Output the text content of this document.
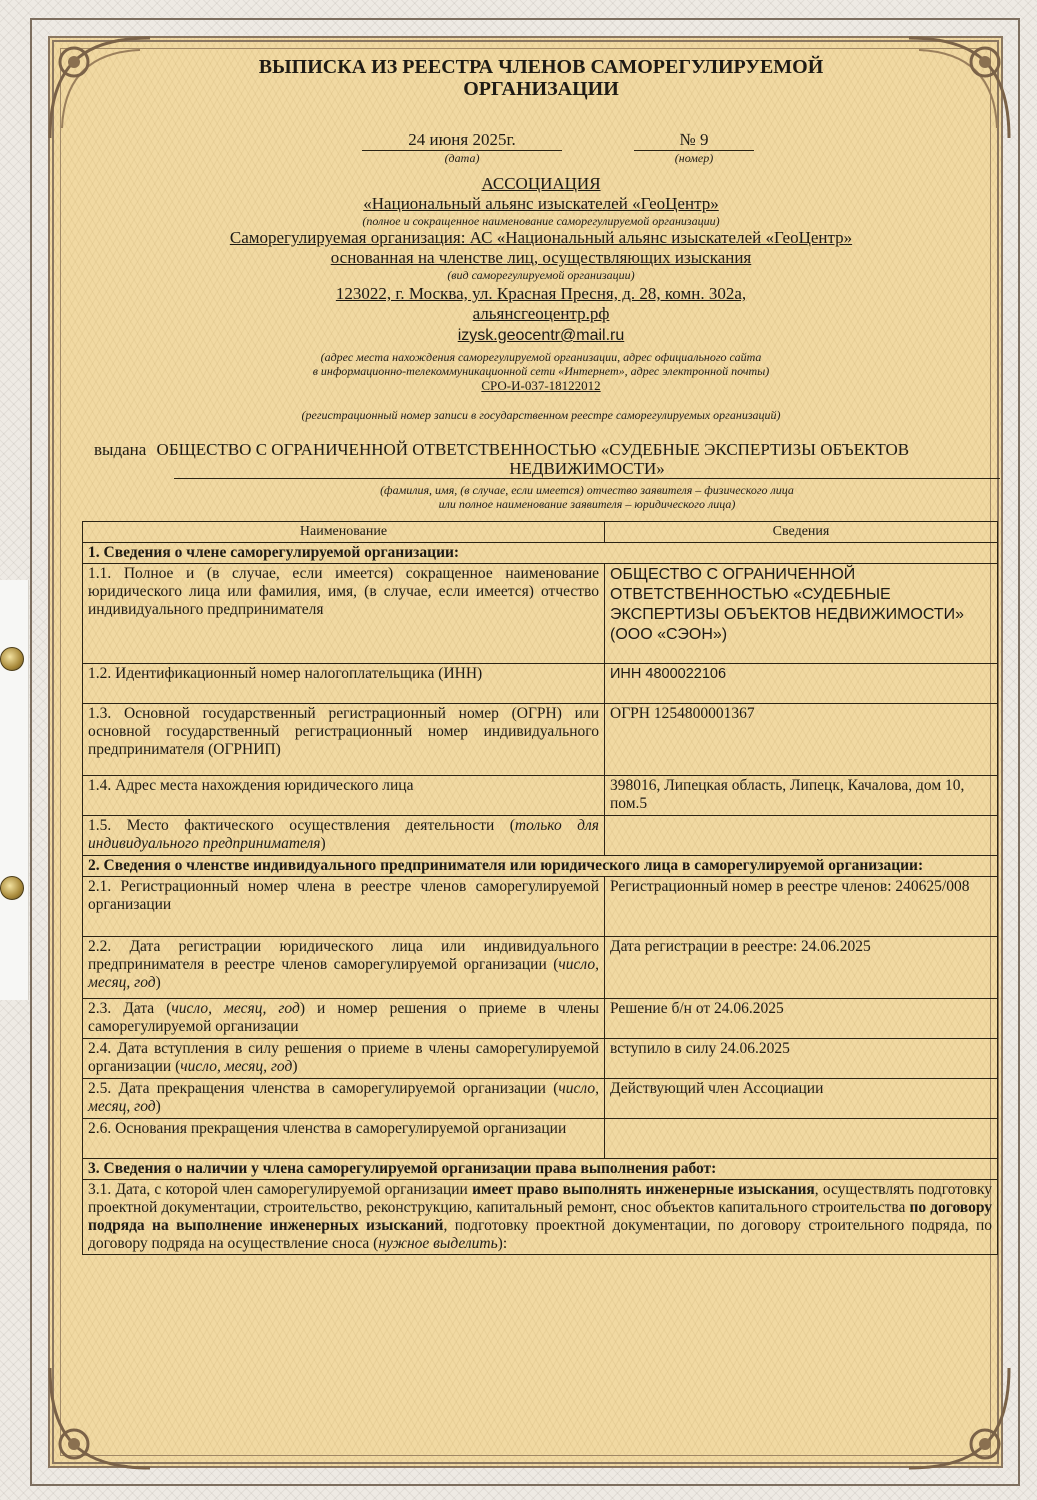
ВЫПИСКА ИЗ РЕЕСТРА ЧЛЕНОВ САМОРЕГУЛИРУЕМОЙ

ОРГАНИЗАЦИИ

24 июня 2025г.
(дата)
№ 9
(номер)
АССОЦИАЦИЯ
«Национальный альянс изыскателей «ГеоЦентр»
(полное и сокращенное наименование саморегулируемой организации)
Саморегулируемая организация: АС «Национальный альянс изыскателей «ГеоЦентр»
основанная на членстве лиц, осуществляющих изыскания
(вид саморегулируемой организации)
123022, г. Москва, ул. Красная Пресня, д. 28, комн. 302а,
альянсгеоцентр.рф
izysk.geocentr@mail.ru
(адрес места нахождения саморегулируемой организации, адрес официального сайта
в информационно-телекоммуникационной сети «Интернет», адрес электронной почты)
СРО-И-037-18122012
(регистрационный номер записи в государственном реестре саморегулируемых организаций)
выдана ОБЩЕСТВО С ОГРАНИЧЕННОЙ ОТВЕТСТВЕННОСТЬЮ «СУДЕБНЫЕ ЭКСПЕРТИЗЫ ОБЪЕКТОВ
НЕДВИЖИМОСТИ»
(фамилия, имя, (в случае, если имеется) отчество заявителя – физического лица
или полное наименование заявителя – юридического лица)
Наименование	Сведения
1. Сведения о члене саморегулируемой организации:	
1.1. Полное и (в случае, если имеется) сокращенное наименование юридического лица или фамилия, имя, (в случае, если имеется) отчество индивидуального предпринимателя	ОБЩЕСТВО С ОГРАНИЧЕННОЙ ОТВЕТСТВЕННОСТЬЮ «СУДЕБНЫЕ ЭКСПЕРТИЗЫ ОБЪЕКТОВ НЕДВИЖИМОСТИ» (ООО «СЭОН»)
1.2. Идентификационный номер налогоплательщика (ИНН)	ИНН 4800022106
1.3. Основной государственный регистрационный номер (ОГРН) или основной государственный регистрационный номер индивидуального предпринимателя (ОГРНИП)	ОГРН 1254800001367
1.4. Адрес места нахождения юридического лица	398016, Липецкая область, Липецк, Качалова, дом 10, пом.5
1.5. Место фактического осуществления деятельности (только для индивидуального предпринимателя)	
2. Сведения о членстве индивидуального предпринимателя или юридического лица в саморегулируемой организации:	
2.1. Регистрационный номер члена в реестре членов саморегулируемой организации	Регистрационный номер в реестре членов: 240625/008
2.2. Дата регистрации юридического лица или индивидуального предпринимателя в реестре членов саморегулируемой организации (число, месяц, год)	Дата регистрации в реестре: 24.06.2025
2.3. Дата (число, месяц, год) и номер решения о приеме в члены саморегулируемой организации	Решение б/н от 24.06.2025
2.4. Дата вступления в силу решения о приеме в члены саморегулируемой организации (число, месяц, год)	вступило в силу 24.06.2025
2.5. Дата прекращения членства в саморегулируемой организации (число, месяц, год)	Действующий член Ассоциации
2.6. Основания прекращения членства в саморегулируемой организации	
3. Сведения о наличии у члена саморегулируемой организации права выполнения работ:	
3.1. Дата, с которой член саморегулируемой организации имеет право выполнять инженерные изыскания, осуществлять подготовку проектной документации, строительство, реконструкцию, капитальный ремонт, снос объектов капитального строительства по договору подряда на выполнение инженерных изысканий, подготовку проектной документации, по договору строительного подряда, по договору подряда на осуществление сноса (нужное выделить):	
